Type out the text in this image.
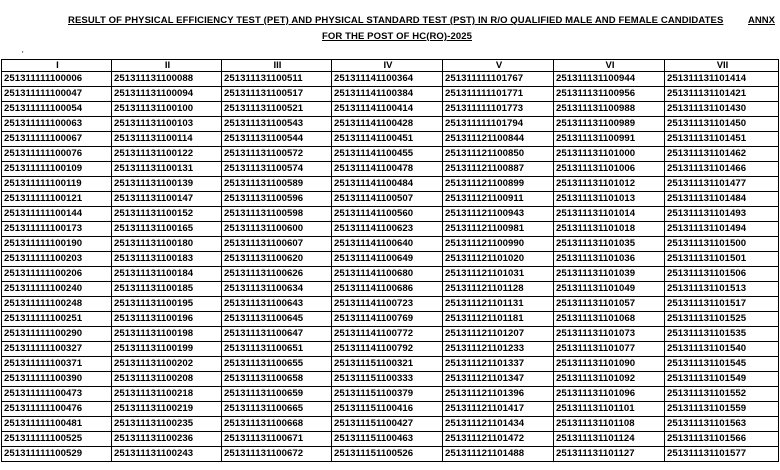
RESULT OF PHYSICAL EFFICIENCY TEST (PET) AND PHYSICAL STANDARD TEST (PST) IN R/O QUALIFIED MALE AND FEMALE CANDIDATES	ANNX
FOR THE POST OF HC(RO)-2025
'
I	II	III	IV	V	VI	VII
251311111100006	251311131100088	251311131100511	251311141100364	251311111101767	251311131100944	251311131101414
251311111100047	251311131100094	251311131100517	251311141100384	251311111101771	251311131100956	251311131101421
251311111100054	251311131100100	251311131100521	251311141100414	251311111101773	251311131100988	251311131101430
251311111100063	251311131100103	251311131100543	251311141100428	251311111101794	251311131100989	251311131101450
251311111100067	251311131100114	251311131100544	251311141100451	251311121100844	251311131100991	251311131101451
251311111100076	251311131100122	251311131100572	251311141100455	251311121100850	251311131101000	251311131101462
251311111100109	251311131100131	251311131100574	251311141100478	251311121100887	251311131101006	251311131101466
251311111100119	251311131100139	251311131100589	251311141100484	251311121100899	251311131101012	251311131101477
251311111100121	251311131100147	251311131100596	251311141100507	251311121100911	251311131101013	251311131101484
251311111100144	251311131100152	251311131100598	251311141100560	251311121100943	251311131101014	251311131101493
251311111100173	251311131100165	251311131100600	251311141100623	251311121100981	251311131101018	251311131101494
251311111100190	251311131100180	251311131100607	251311141100640	251311121100990	251311131101035	251311131101500
251311111100203	251311131100183	251311131100620	251311141100649	251311121101020	251311131101036	251311131101501
251311111100206	251311131100184	251311131100626	251311141100680	251311121101031	251311131101039	251311131101506
251311111100240	251311131100185	251311131100634	251311141100686	251311121101128	251311131101049	251311131101513
251311111100248	251311131100195	251311131100643	251311141100723	251311121101131	251311131101057	251311131101517
251311111100251	251311131100196	251311131100645	251311141100769	251311121101181	251311131101068	251311131101525
251311111100290	251311131100198	251311131100647	251311141100772	251311121101207	251311131101073	251311131101535
251311111100327	251311131100199	251311131100651	251311141100792	251311121101233	251311131101077	251311131101540
251311111100371	251311131100202	251311131100655	251311151100321	251311121101337	251311131101090	251311131101545
251311111100390	251311131100208	251311131100658	251311151100333	251311121101347	251311131101092	251311131101549
251311111100473	251311131100218	251311131100659	251311151100379	251311121101396	251311131101096	251311131101552
251311111100476	251311131100219	251311131100665	251311151100416	251311121101417	251311131101101	251311131101559
251311111100481	251311131100235	251311131100668	251311151100427	251311121101434	251311131101108	251311131101563
251311111100525	251311131100236	251311131100671	251311151100463	251311121101472	251311131101124	251311131101566
251311111100529	251311131100243	251311131100672	251311151100526	251311121101488	251311131101127	251311131101577
